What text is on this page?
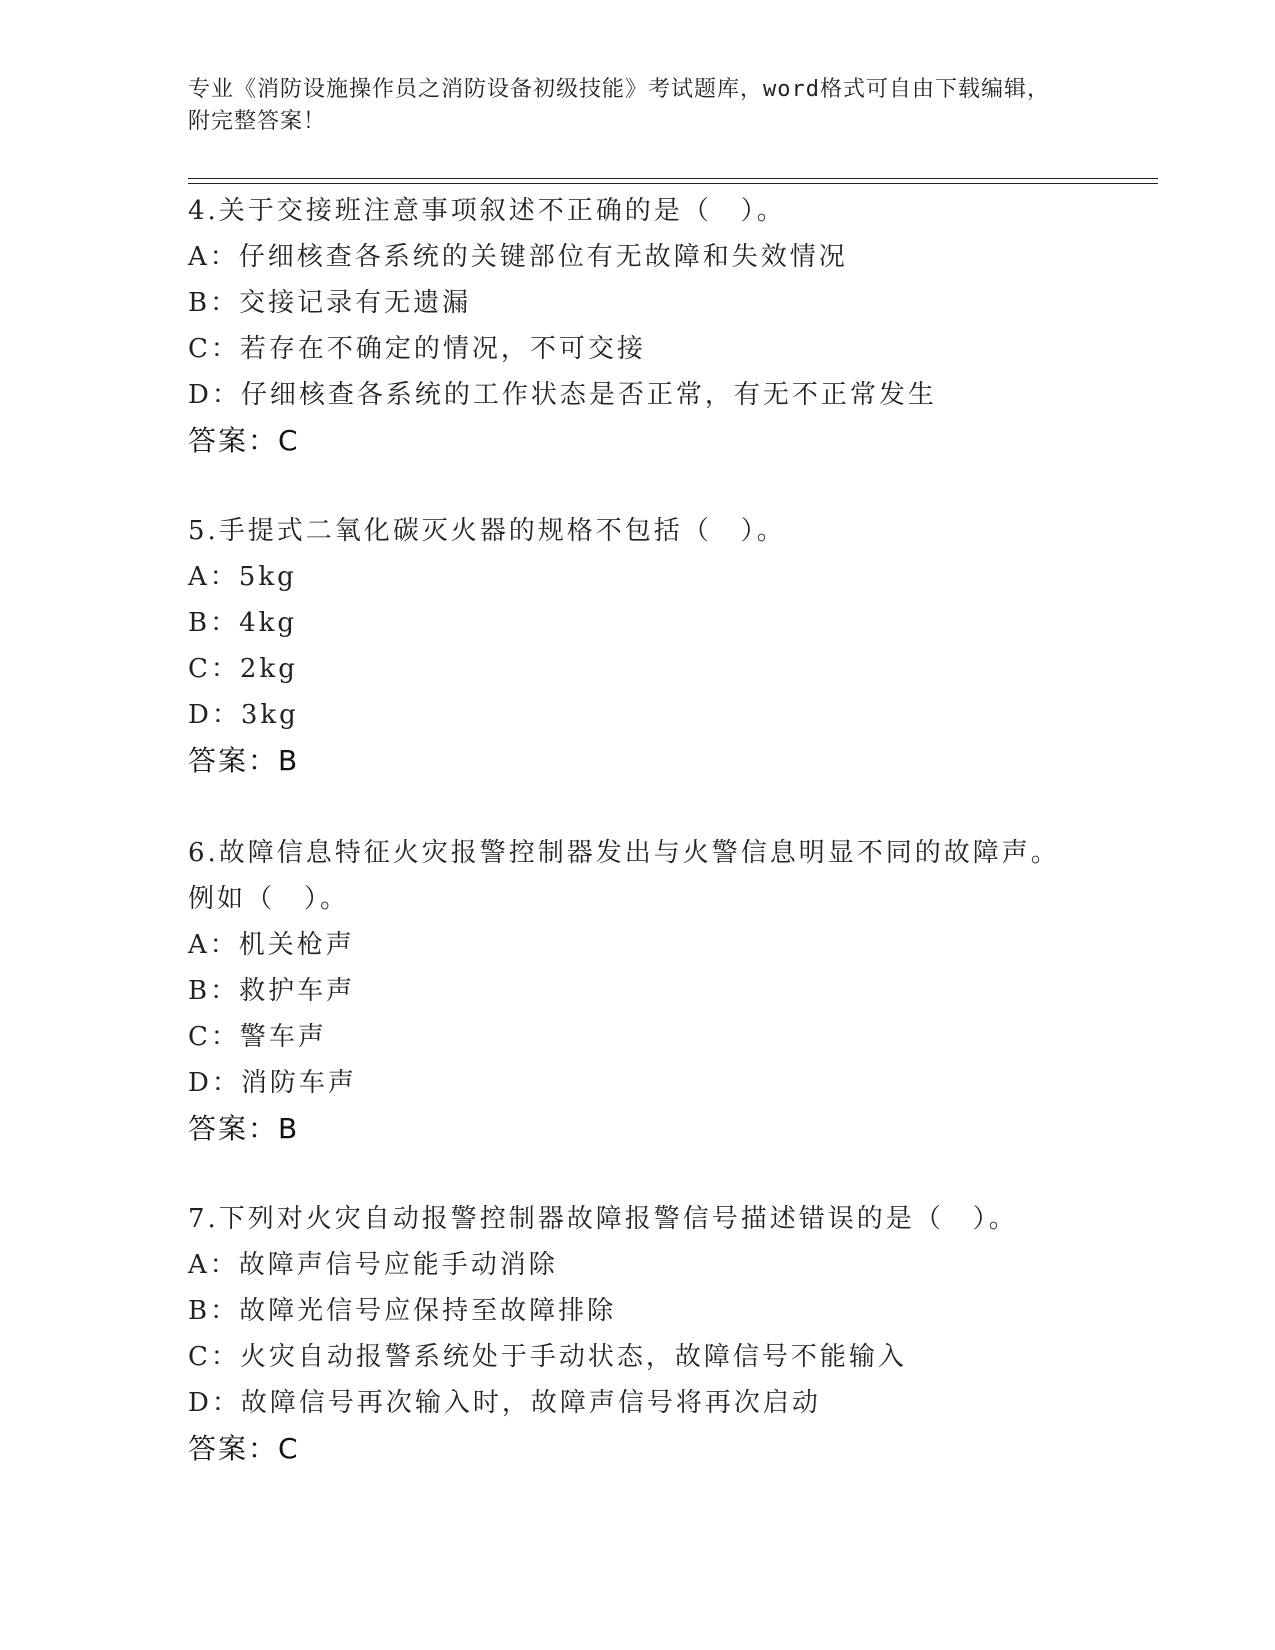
专业《消防设施操作员之消防设备初级技能》考试题库，word格式可自由下载编辑，附完整答案！
4.关于交接班注意事项叙述不正确的是（　）。
A：仔细核查各系统的关键部位有无故障和失效情况
B：交接记录有无遗漏
C：若存在不确定的情况，不可交接
D：仔细核查各系统的工作状态是否正常，有无不正常发生
答案：C
5.手提式二氧化碳灭火器的规格不包括（　）。
A：5kg
B：4kg
C：2kg
D：3kg
答案：B
6.故障信息特征火灾报警控制器发出与火警信息明显不同的故障声。
例如（　）。
A：机关枪声
B：救护车声
C：警车声
D：消防车声
答案：B
7.下列对火灾自动报警控制器故障报警信号描述错误的是（　）。
A：故障声信号应能手动消除
B：故障光信号应保持至故障排除
C：火灾自动报警系统处于手动状态，故障信号不能输入
D：故障信号再次输入时，故障声信号将再次启动
答案：C
